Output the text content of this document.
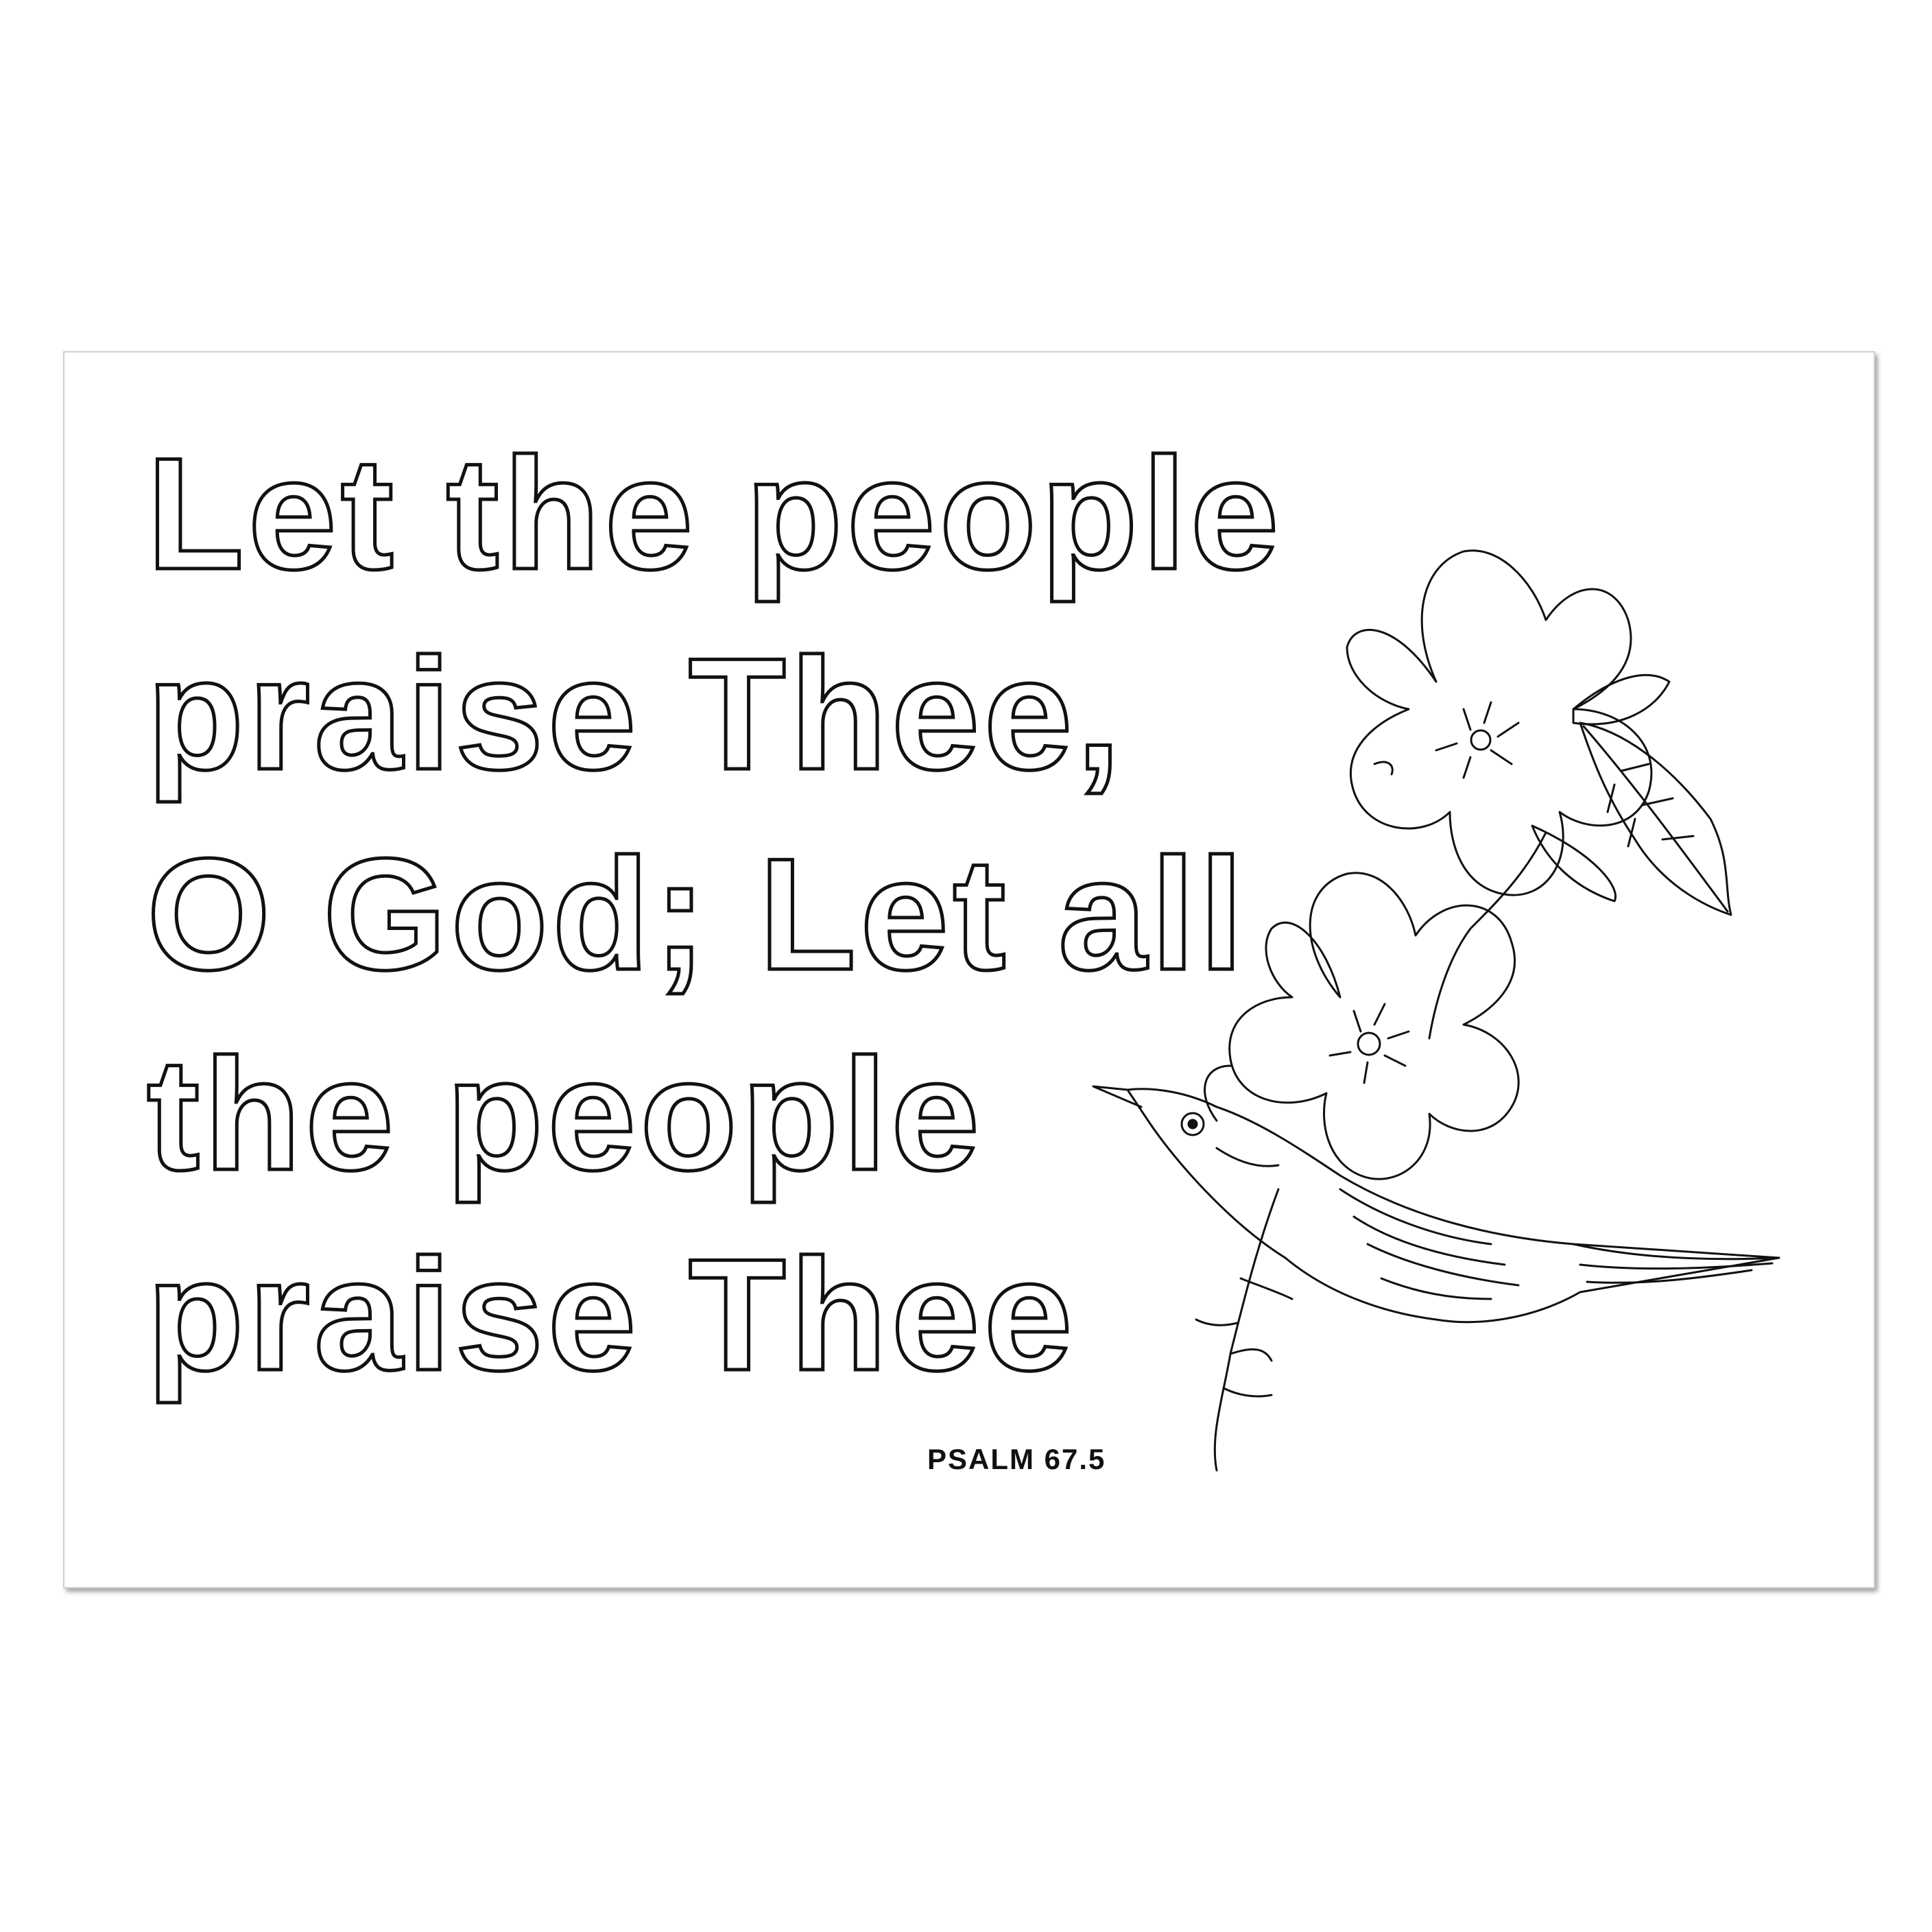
Let the people
praise Thee,
O God; Let all
the people
praise Thee
PSALM 67.5
